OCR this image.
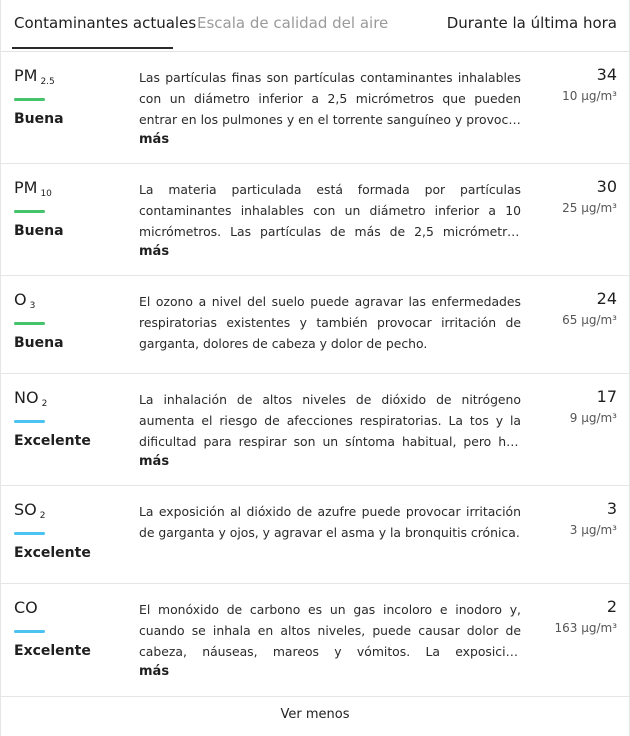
Contaminantes actuales Escala de calidad del aire	Durante la última hora
PM $_{2.5}$
Buena
Las partículas finas son partículas contaminantes inhalables con un diámetro inferior a 2,5 micrómetros que pueden entrar en los pulmones y en el torrente sanguíneo y provocar
más
34
10 µg/m³
PM $_{10}$
Buena
La materia particulada está formada por partículas contaminantes inhalables con un diámetro inferior a 10 micrómetros. Las partículas de más de 2,5 micrómetros
más
30
25 µg/m³
O $_3$
Buena
El ozono a nivel del suelo puede agravar las enfermedades respiratorias existentes y también provocar irritación de garganta, dolores de cabeza y dolor de pecho.
24
65 µg/m³
NO $_2$
Excelente
La inhalación de altos niveles de dióxido de nitrógeno aumenta el riesgo de afecciones respiratorias. La tos y la dificultad para respirar son un síntoma habitual, pero hay
más
17
9 µg/m³
SO $_2$
Excelente
La exposición al dióxido de azufre puede provocar irritación de garganta y ojos, y agravar el asma y la bronquitis crónica.
3
3 µg/m³
CO
Excelente
El monóxido de carbono es un gas incoloro e inodoro y, cuando se inhala en altos niveles, puede causar dolor de cabeza, náuseas, mareos y vómitos. La exposición
más
2
163 µg/m³
Ver menos
